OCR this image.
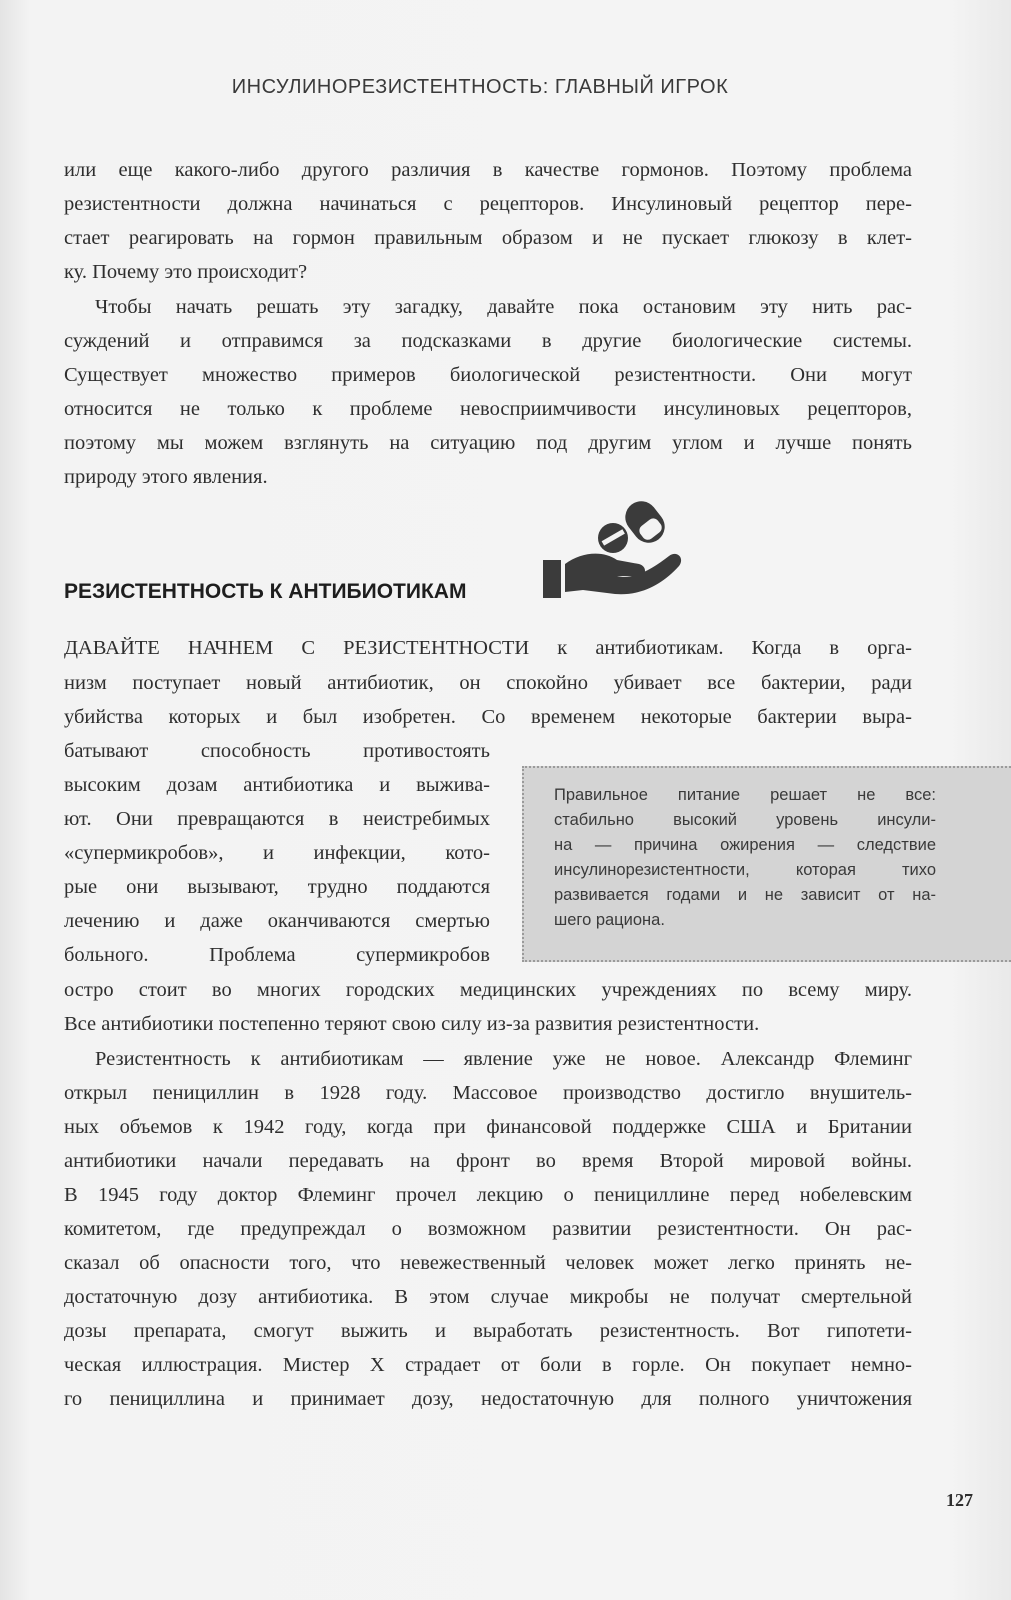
ИНСУЛИНОРЕЗИСТЕНТНОСТЬ: ГЛАВНЫЙ ИГРОК

или еще какого-либо другого различия в качестве гормонов. Поэтому проблема
резистентности должна начинаться с рецепторов. Инсулиновый рецептор пере-
стает реагировать на гормон правильным образом и не пускает глюкозу в клет-
ку. Почему это происходит?
Чтобы начать решать эту загадку, давайте пока остановим эту нить рас-
суждений и отправимся за подсказками в другие биологические системы.
Существует множество примеров биологической резистентности. Они могут
относится не только к проблеме невосприимчивости инсулиновых рецепторов,
поэтому мы можем взглянуть на ситуацию под другим углом и лучше понять
природу этого явления.
РЕЗИСТЕНТНОСТЬ К АНТИБИОТИКАМ
ДАВАЙТЕ НАЧНЕМ С РЕЗИСТЕНТНОСТИ к антибиотикам. Когда в орга-
низм поступает новый антибиотик, он спокойно убивает все бактерии, ради
убийства которых и был изобретен. Со временем некоторые бактерии выра-
батывают способность противостоять
высоким дозам антибиотика и выжива-
ют. Они превращаются в неистребимых
«супермикробов», и инфекции, кото-
рые они вызывают, трудно поддаются
лечению и даже оканчиваются смертью
больного. Проблема супермикробов
Правильное питание решает не все:
стабильно высокий уровень инсули-
на — причина ожирения — следствие
инсулинорезистентности, которая тихо
развивается годами и не зависит от на-
шего рациона.
остро стоит во многих городских медицинских учреждениях по всему миру.
Все антибиотики постепенно теряют свою силу из-за развития резистентности.
Резистентность к антибиотикам — явление уже не новое. Александр Флеминг
открыл пенициллин в 1928 году. Массовое производство достигло внушитель-
ных объемов к 1942 году, когда при финансовой поддержке США и Британии
антибиотики начали передавать на фронт во время Второй мировой войны.
В 1945 году доктор Флеминг прочел лекцию о пенициллине перед нобелевским
комитетом, где предупреждал о возможном развитии резистентности. Он рас-
сказал об опасности того, что невежественный человек может легко принять не-
достаточную дозу антибиотика. В этом случае микробы не получат смертельной
дозы препарата, смогут выжить и выработать резистентность. Вот гипотети-
ческая иллюстрация. Мистер X страдает от боли в горле. Он покупает немно-
го пенициллина и принимает дозу, недостаточную для полного уничтожения

127
